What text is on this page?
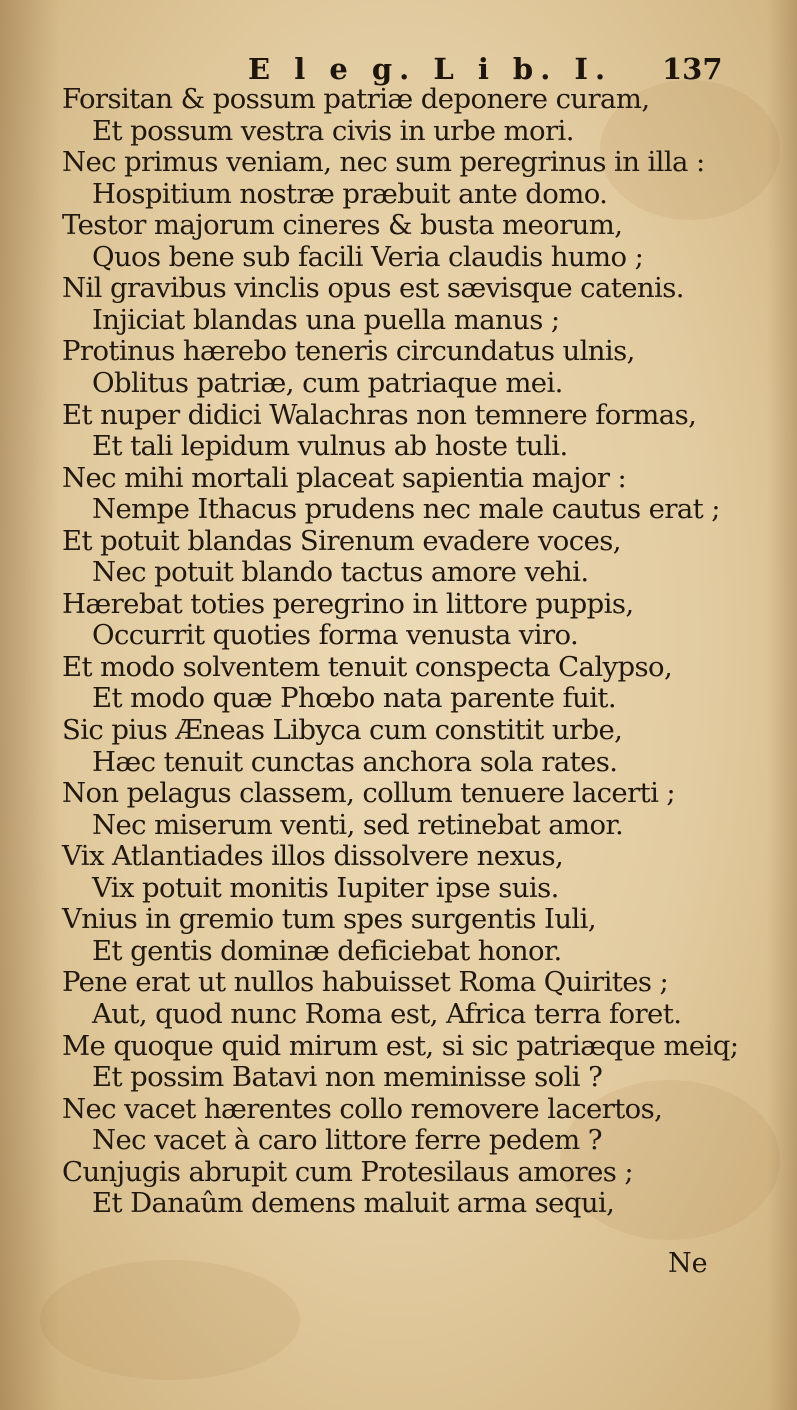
E l e g. L i b. I. 137
Forsitan & possum patriæ deponere curam,
Et possum vestra civis in urbe mori.
Nec primus veniam, nec sum peregrinus in illa :
Hospitium nostræ præbuit ante domo.
Testor majorum cineres & busta meorum,
Quos bene sub facili Veria claudis humo ;
Nil gravibus vinclis opus est sævisque catenis.
Injiciat blandas una puella manus ;
Protinus hærebo teneris circundatus ulnis,
Oblitus patriæ, cum patriaque mei.
Et nuper didici Walachras non temnere formas,
Et tali lepidum vulnus ab hoste tuli.
Nec mihi mortali placeat sapientia major :
Nempe Ithacus prudens nec male cautus erat ;
Et potuit blandas Sirenum evadere voces,
Nec potuit blando tactus amore vehi.
Hærebat toties peregrino in littore puppis,
Occurrit quoties forma venusta viro.
Et modo solventem tenuit conspecta Calypso,
Et modo quæ Phœbo nata parente fuit.
Sic pius Æneas Libyca cum constitit urbe,
Hæc tenuit cunctas anchora sola rates.
Non pelagus classem, collum tenuere lacerti ;
Nec miserum venti, sed retinebat amor.
Vix Atlantiades illos dissolvere nexus,
Vix potuit monitis Iupiter ipse suis.
Vnius in gremio tum spes surgentis Iuli,
Et gentis dominæ deficiebat honor.
Pene erat ut nullos habuisset Roma Quirites ;
Aut, quod nunc Roma est, Africa terra foret.
Me quoque quid mirum est, si sic patriæque meiq;
Et possim Batavi non meminisse soli ?
Nec vacet hærentes collo removere lacertos,
Nec vacet à caro littore ferre pedem ?
Cunjugis abrupit cum Protesilaus amores ;
Et Danaûm demens maluit arma sequi,
Ne
